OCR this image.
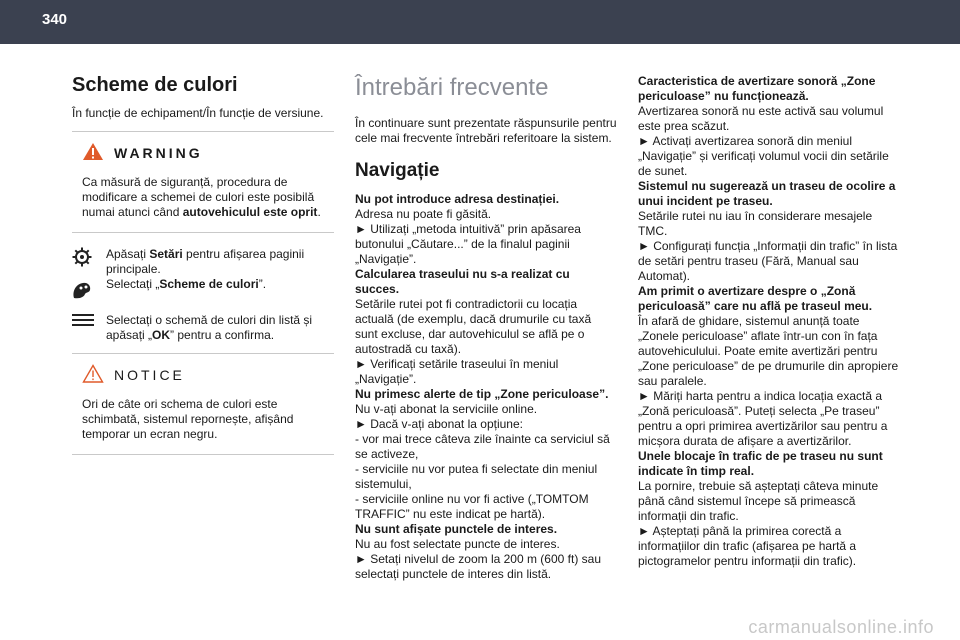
340
Scheme de culori

În funcție de echipament/În funcție de versiune.

WARNING

Ca măsură de siguranță, procedura de modificare a schemei de culori este posibilă numai atunci când autovehiculul este oprit.

Apăsați Setări pentru afișarea paginii principale.
Selectați „Scheme de culori”.
Selectați o schemă de culori din listă și apăsați „OK” pentru a confirma.
NOTICE

Ori de câte ori schema de culori este schimbată, sistemul repornește, afișând temporar un ecran negru.

Întrebări frecvente

În continuare sunt prezentate răspunsurile pentru cele mai frecvente întrebări referitoare la sistem.

Navigație
Nu pot introduce adresa destinației.
Adresa nu poate fi găsită.
► Utilizați „metoda intuitivă” prin apăsarea butonului „Căutare...” de la finalul paginii „Navigație”.
Calcularea traseului nu s-a realizat cu succes.
Setările rutei pot fi contradictorii cu locația actuală (de exemplu, dacă drumurile cu taxă sunt excluse, dar autovehiculul se află pe o autostradă cu taxă).
► Verificați setările traseului în meniul „Navigație”.
Nu primesc alerte de tip „Zone periculoase”.
Nu v-ați abonat la serviciile online.
► Dacă v-ați abonat la opțiune:
- vor mai trece câteva zile înainte ca serviciul să se activeze,
- serviciile nu vor putea fi selectate din meniul sistemului,
- serviciile online nu vor fi active („TOMTOM TRAFFIC” nu este indicat pe hartă).
Nu sunt afișate punctele de interes.
Nu au fost selectate puncte de interes.
► Setați nivelul de zoom la 200 m (600 ft) sau selectați punctele de interes din listă.
Caracteristica de avertizare sonoră „Zone periculoase” nu funcționează.
Avertizarea sonoră nu este activă sau volumul este prea scăzut.
► Activați avertizarea sonoră din meniul „Navigație” și verificați volumul vocii din setările de sunet.
Sistemul nu sugerează un traseu de ocolire a unui incident pe traseu.
Setările rutei nu iau în considerare mesajele TMC.
► Configurați funcția „Informații din trafic” în lista de setări pentru traseu (Fără, Manual sau Automat).
Am primit o avertizare despre o „Zonă periculoasă” care nu află pe traseul meu.
În afară de ghidare, sistemul anunță toate „Zonele periculoase” aflate într-un con în fața autovehiculului. Poate emite avertizări pentru „Zone periculoase” de pe drumurile din apropiere sau paralele.
► Măriți harta pentru a indica locația exactă a „Zonă periculoasă”. Puteți selecta „Pe traseu” pentru a opri primirea avertizărilor sau pentru a micșora durata de afișare a avertizărilor.
Unele blocaje în trafic de pe traseu nu sunt indicate în timp real.
La pornire, trebuie să așteptați câteva minute până când sistemul începe să primească informații din trafic.
► Așteptați până la primirea corectă a informațiilor din trafic (afișarea pe hartă a pictogramelor pentru informații din trafic).
carmanualsonline.info
